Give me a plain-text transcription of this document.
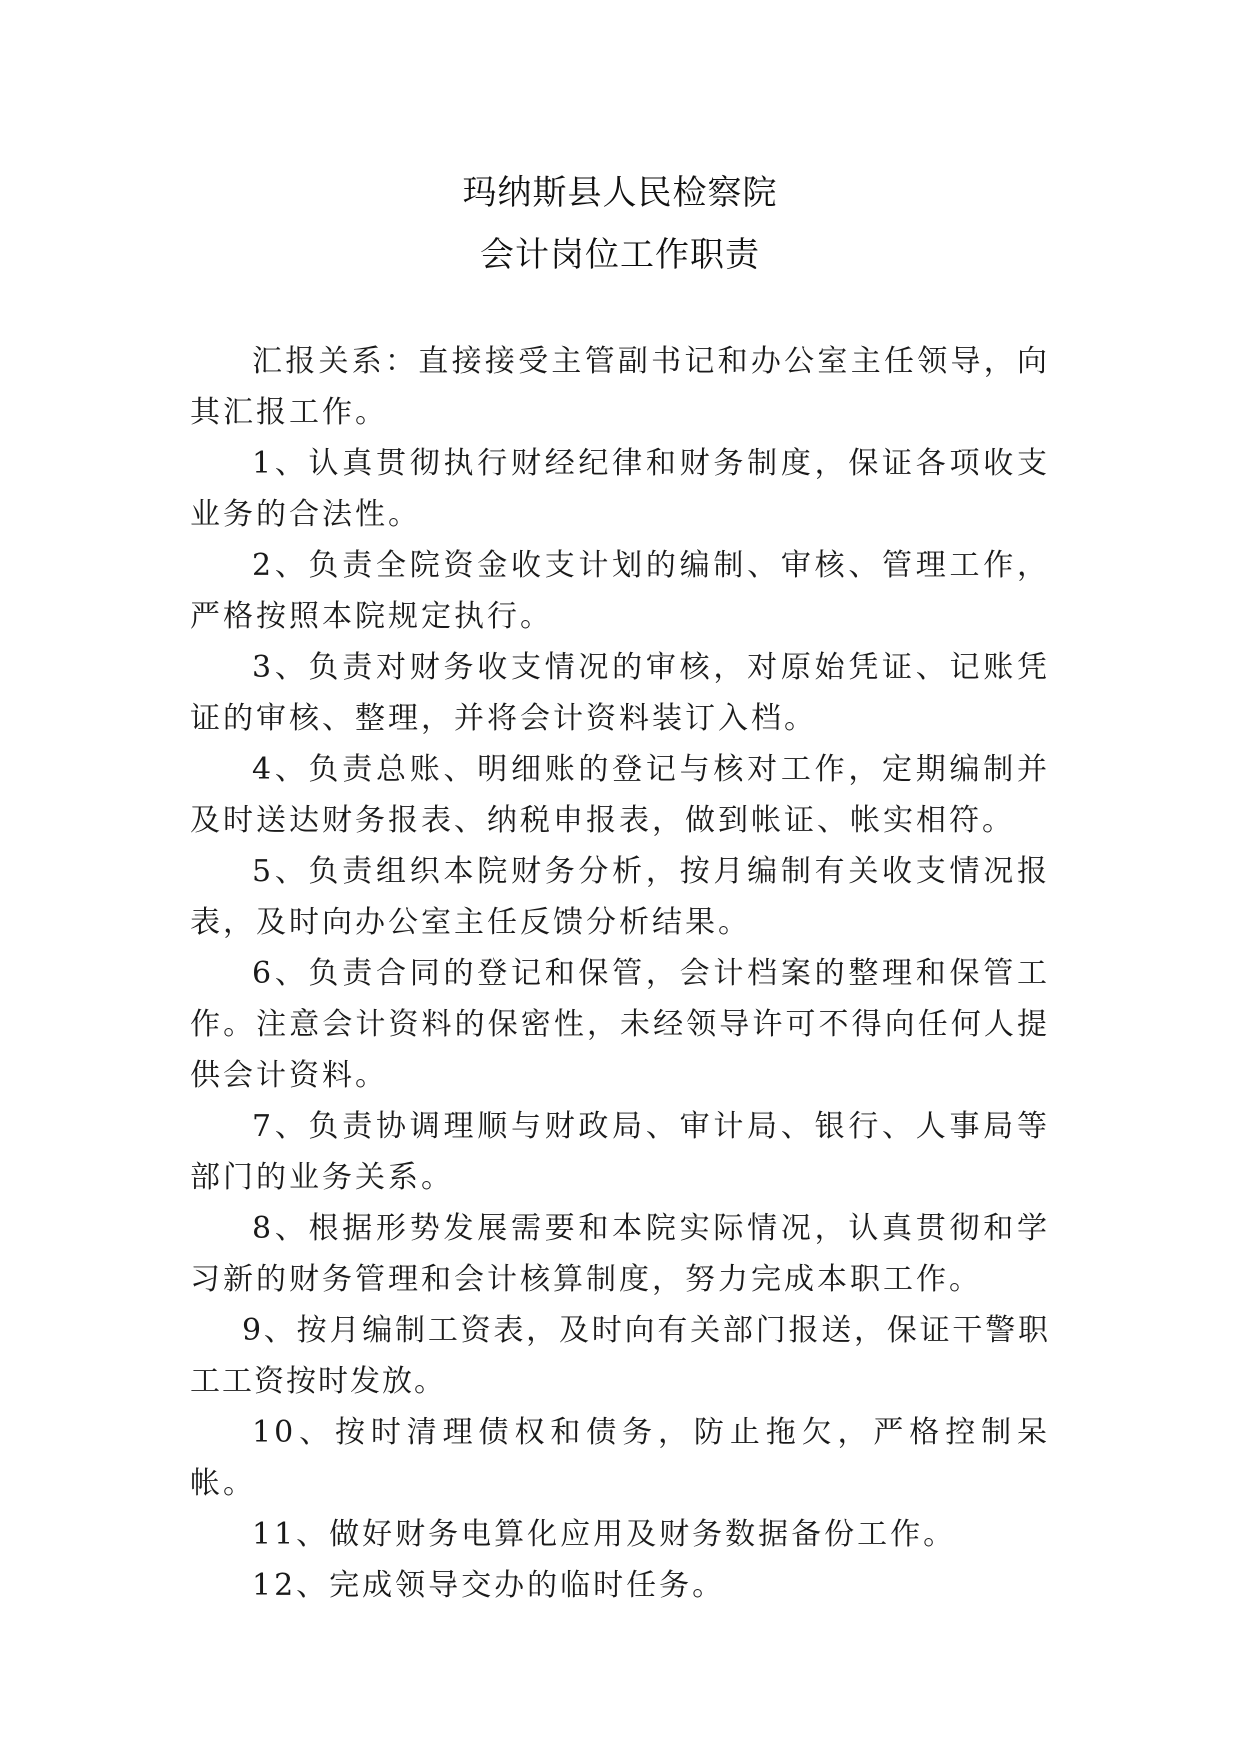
玛纳斯县人民检察院
会计岗位工作职责

汇报关系：直接接受主管副书记和办公室主任领导，向其汇报工作。

1、认真贯彻执行财经纪律和财务制度，保证各项收支业务的合法性。

2、负责全院资金收支计划的编制、审核、管理工作，严格按照本院规定执行。

3、负责对财务收支情况的审核，对原始凭证、记账凭证的审核、整理，并将会计资料装订入档。

4、负责总账、明细账的登记与核对工作，定期编制并及时送达财务报表、纳税申报表，做到帐证、帐实相符。

5、负责组织本院财务分析，按月编制有关收支情况报表，及时向办公室主任反馈分析结果。

6、负责合同的登记和保管，会计档案的整理和保管工作。注意会计资料的保密性，未经领导许可不得向任何人提供会计资料。

7、负责协调理顺与财政局、审计局、银行、人事局等部门的业务关系。

8、根据形势发展需要和本院实际情况，认真贯彻和学习新的财务管理和会计核算制度，努力完成本职工作。

9、按月编制工资表，及时向有关部门报送，保证干警职工工资按时发放。

10、按时清理债权和债务，防止拖欠，严格控制呆帐。

11、做好财务电算化应用及财务数据备份工作。

12、完成领导交办的临时任务。
